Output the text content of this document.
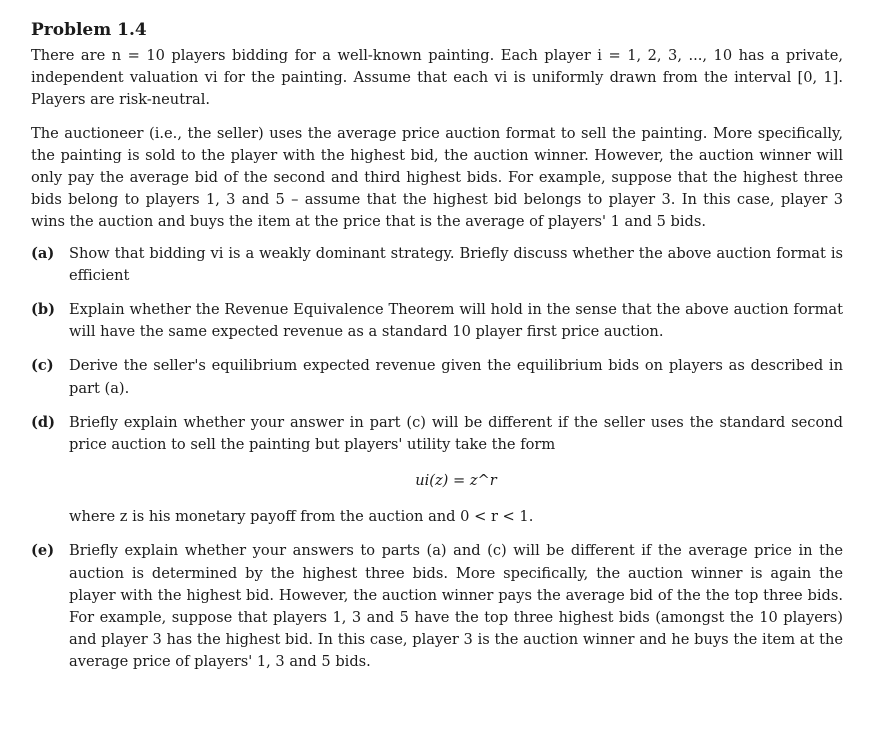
Problem 1.4

There are n = 10 players bidding for a well-known painting. Each player i = 1, 2, 3, ..., 10 has a private, independent valuation vi for the painting. Assume that each vi is uniformly drawn from the interval [0, 1]. Players are risk-neutral.

The auctioneer (i.e., the seller) uses the average price auction format to sell the painting. More specifically, the painting is sold to the player with the highest bid, the auction winner. However, the auction winner will only pay the average bid of the second and third highest bids. For example, suppose that the highest three bids belong to players 1, 3 and 5 – assume that the highest bid belongs to player 3. In this case, player 3 wins the auction and buys the item at the price that is the average of players' 1 and 5 bids.

(a) Show that bidding vi is a weakly dominant strategy. Briefly discuss whether the above auction format is efficient

(b) Explain whether the Revenue Equivalence Theorem will hold in the sense that the above auction format will have the same expected revenue as a standard 10 player first price auction.

(c) Derive the seller's equilibrium expected revenue given the equilibrium bids on players as described in part (a).

(d) Briefly explain whether your answer in part (c) will be different if the seller uses the standard second price auction to sell the painting but players' utility take the form

ui(z) = z^r

where z is his monetary payoff from the auction and 0 < r < 1.

(e) Briefly explain whether your answers to parts (a) and (c) will be different if the average price in the auction is determined by the highest three bids. More specifically, the auction winner is again the player with the highest bid. However, the auction winner pays the average bid of the the top three bids. For example, suppose that players 1, 3 and 5 have the top three highest bids (amongst the 10 players) and player 3 has the highest bid. In this case, player 3 is the auction winner and he buys the item at the average price of players' 1, 3 and 5 bids.
